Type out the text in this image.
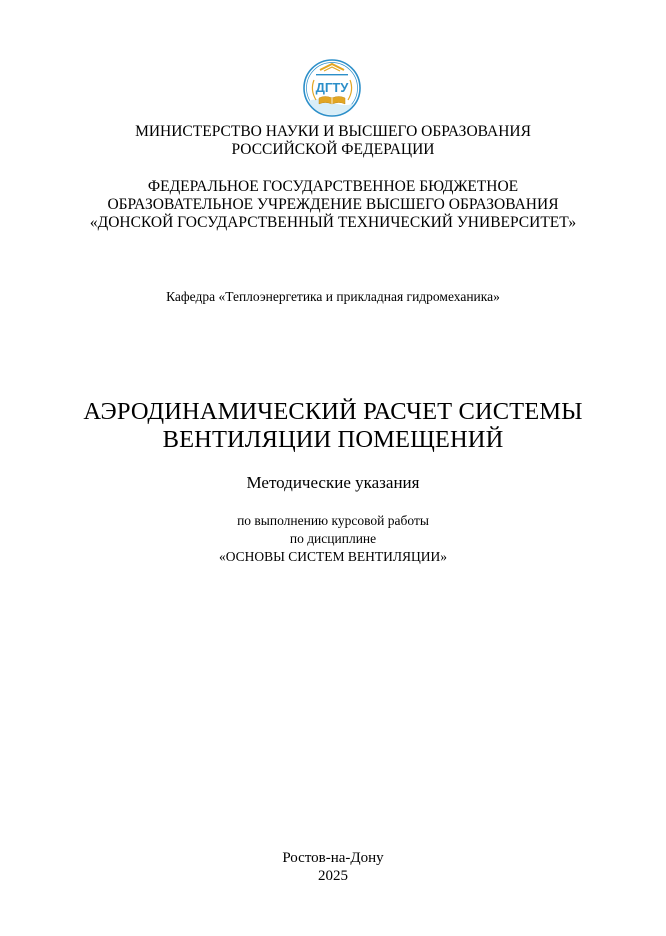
ДГТУ
МИНИСТЕРСТВО НАУКИ И ВЫСШЕГО ОБРАЗОВАНИЯ
РОССИЙСКОЙ ФЕДЕРАЦИИ
ФЕДЕРАЛЬНОЕ ГОСУДАРСТВЕННОЕ БЮДЖЕТНОЕ
ОБРАЗОВАТЕЛЬНОЕ УЧРЕЖДЕНИЕ ВЫСШЕГО ОБРАЗОВАНИЯ
«ДОНСКОЙ ГОСУДАРСТВЕННЫЙ ТЕХНИЧЕСКИЙ УНИВЕРСИТЕТ»
Кафедра «Теплоэнергетика и прикладная гидромеханика»
АЭРОДИНАМИЧЕСКИЙ РАСЧЕТ СИСТЕМЫ
ВЕНТИЛЯЦИИ ПОМЕЩЕНИЙ
Методические указания
по выполнению курсовой работы
по дисциплине
«ОСНОВЫ СИСТЕМ ВЕНТИЛЯЦИИ»
Ростов-на-Дону
2025
